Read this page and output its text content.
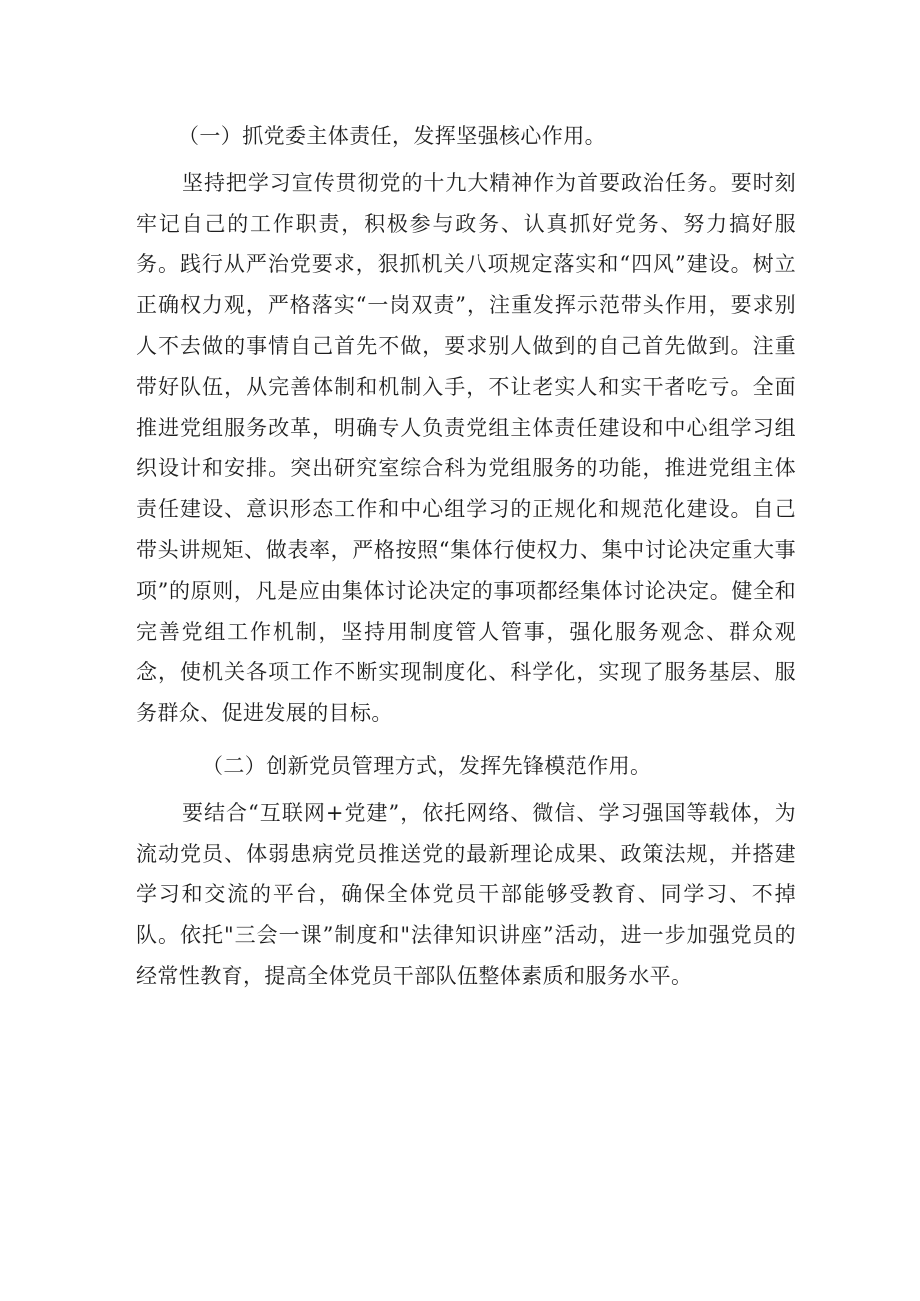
（一）抓党委主体责任，发挥坚强核心作用。

坚持把学习宣传贯彻党的十九大精神作为首要政治任务。要时刻牢记自己的工作职责，积极参与政务、认真抓好党务、努力搞好服务。践行从严治党要求，狠抓机关八项规定落实和“四风”建设。树立正确权力观，严格落实“一岗双责”，注重发挥示范带头作用，要求别人不去做的事情自己首先不做，要求别人做到的自己首先做到。注重带好队伍，从完善体制和机制入手，不让老实人和实干者吃亏。全面推进党组服务改革，明确专人负责党组主体责任建设和中心组学习组织设计和安排。突出研究室综合科为党组服务的功能，推进党组主体责任建设、意识形态工作和中心组学习的正规化和规范化建设。自己带头讲规矩、做表率，严格按照“集体行使权力、集中讨论决定重大事项”的原则，凡是应由集体讨论决定的事项都经集体讨论决定。健全和完善党组工作机制，坚持用制度管人管事，强化服务观念、群众观念，使机关各项工作不断实现制度化、科学化，实现了服务基层、服务群众、促进发展的目标。

（二）创新党员管理方式，发挥先锋模范作用。

要结合“互联网+党建”，依托网络、微信、学习强国等载体，为流动党员、体弱患病党员推送党的最新理论成果、政策法规，并搭建学习和交流的平台，确保全体党员干部能够受教育、同学习、不掉队。依托"三会一课”制度和"法律知识讲座”活动，进一步加强党员的经常性教育，提高全体党员干部队伍整体素质和服务水平。
